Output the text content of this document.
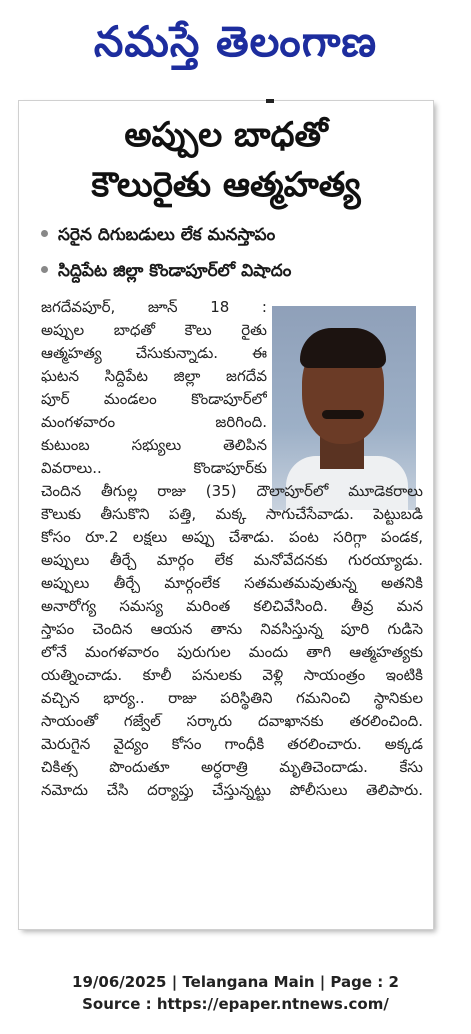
నమస్తే తెలంగాణ
అప్పుల బాధతో
కౌలురైతు ఆత్మహత్య
సరైన దిగుబడులు లేక మనస్తాపం
సిద్దిపేట జిల్లా కొండాపూర్‌లో విషాదం
జగదేవపూర్‌, జూన్‌ 18 :
అప్పుల బాధతో కౌలు రైతు
ఆత్మహత్య చేసుకున్నాడు. ఈ
ఘటన సిద్దిపేట జిల్లా జగదేవ
పూర్‌ మండలం కొండాపూర్‌లో
మంగళవారం జరిగింది.
కుటుంబ సభ్యులు తెలిపిన
వివరాలు.. కొండాపూర్‌కు
చెందిన తీగుల్ల రాజు (35) దౌలాపూర్‌లో మూడెకరాలు
కౌలుకు తీసుకొని పత్తి, మక్క సాగుచేసేవాడు. పెట్టుబడి
కోసం రూ.2 లక్షలు అప్పు చేశాడు. పంట సరిగ్గా పండక,
అప్పులు తీర్చే మార్గం లేక మనోవేదనకు గురయ్యాడు.
అప్పులు తీర్చే మార్గంలేక సతమతమవుతున్న అతనికి
అనారోగ్య సమస్య మరింత కలిచివేసింది. తీవ్ర మన
స్తాపం చెందిన ఆయన తాను నివసిస్తున్న పూరి గుడిసె
లోనే మంగళవారం పురుగుల మందు తాగి ఆత్మహత్యకు
యత్నించాడు. కూలీ పనులకు వెళ్లి సాయంత్రం ఇంటికి
వచ్చిన భార్య.. రాజు పరిస్థితిని గమనించి స్థానికుల
సాయంతో గజ్వేల్‌ సర్కారు దవాఖానకు తరలించింది.
మెరుగైన వైద్యం కోసం గాంధీకి తరలించారు. అక్కడ
చికిత్స పొందుతూ అర్ధరాత్రి మృతిచెందాడు. కేసు
నమోదు చేసి దర్యాప్తు చేస్తున్నట్టు పోలీసులు తెలిపారు.
19/06/2025 | Telangana Main | Page : 2
Source : https://epaper.ntnews.com/
